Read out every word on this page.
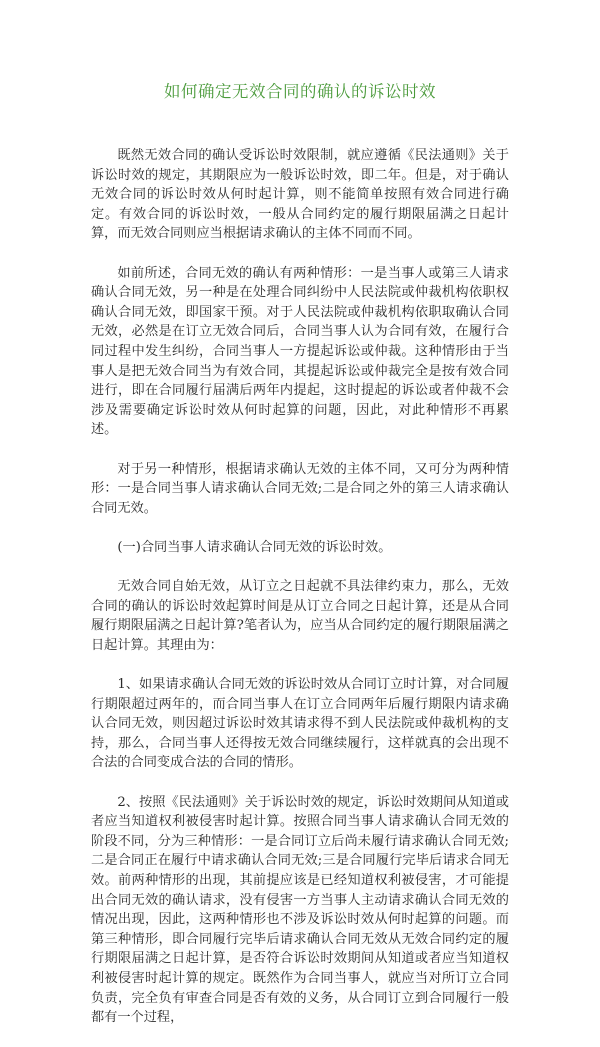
如何确定无效合同的确认的诉讼时效

既然无效合同的确认受诉讼时效限制，就应遵循《民法通则》关于诉讼时效的规定，其期限应为一般诉讼时效，即二年。但是，对于确认无效合同的诉讼时效从何时起计算，则不能简单按照有效合同进行确定。有效合同的诉讼时效，一般从合同约定的履行期限届满之日起计算，而无效合同则应当根据请求确认的主体不同而不同。

如前所述，合同无效的确认有两种情形：一是当事人或第三人请求确认合同无效，另一种是在处理合同纠纷中人民法院或仲裁机构依职权确认合同无效，即国家干预。对于人民法院或仲裁机构依职取确认合同无效，必然是在订立无效合同后，合同当事人认为合同有效，在履行合同过程中发生纠纷，合同当事人一方提起诉讼或仲裁。这种情形由于当事人是把无效合同当为有效合同，其提起诉讼或仲裁完全是按有效合同进行，即在合同履行届满后两年内提起，这时提起的诉讼或者仲裁不会涉及需要确定诉讼时效从何时起算的问题，因此，对此种情形不再累述。

对于另一种情形，根据请求确认无效的主体不同，又可分为两种情形：一是合同当事人请求确认合同无效;二是合同之外的第三人请求确认合同无效。

(一)合同当事人请求确认合同无效的诉讼时效。

无效合同自始无效，从订立之日起就不具法律约束力，那么，无效合同的确认的诉讼时效起算时间是从订立合同之日起计算，还是从合同履行期限届满之日起计算?笔者认为，应当从合同约定的履行期限届满之日起计算。其理由为：

1、如果请求确认合同无效的诉讼时效从合同订立时计算，对合同履行期限超过两年的，而合同当事人在订立合同两年后履行期限内请求确认合同无效，则因超过诉讼时效其请求得不到人民法院或仲裁机构的支持，那么，合同当事人还得按无效合同继续履行，这样就真的会出现不合法的合同变成合法的合同的情形。

2、按照《民法通则》关于诉讼时效的规定，诉讼时效期间从知道或者应当知道权利被侵害时起计算。按照合同当事人请求确认合同无效的阶段不同，分为三种情形：一是合同订立后尚未履行请求确认合同无效;二是合同正在履行中请求确认合同无效;三是合同履行完毕后请求合同无效。前两种情形的出现，其前提应该是已经知道权利被侵害，才可能提出合同无效的确认请求，没有侵害一方当事人主动请求确认合同无效的情况出现，因此，这两种情形也不涉及诉讼时效从何时起算的问题。而第三种情形，即合同履行完毕后请求确认合同无效从无效合同约定的履行期限届满之日起计算，是否符合诉讼时效期间从知道或者应当知道权利被侵害时起计算的规定。既然作为合同当事人，就应当对所订立合同负责，完全负有审查合同是否有效的义务，从合同订立到合同履行一般都有一个过程，
